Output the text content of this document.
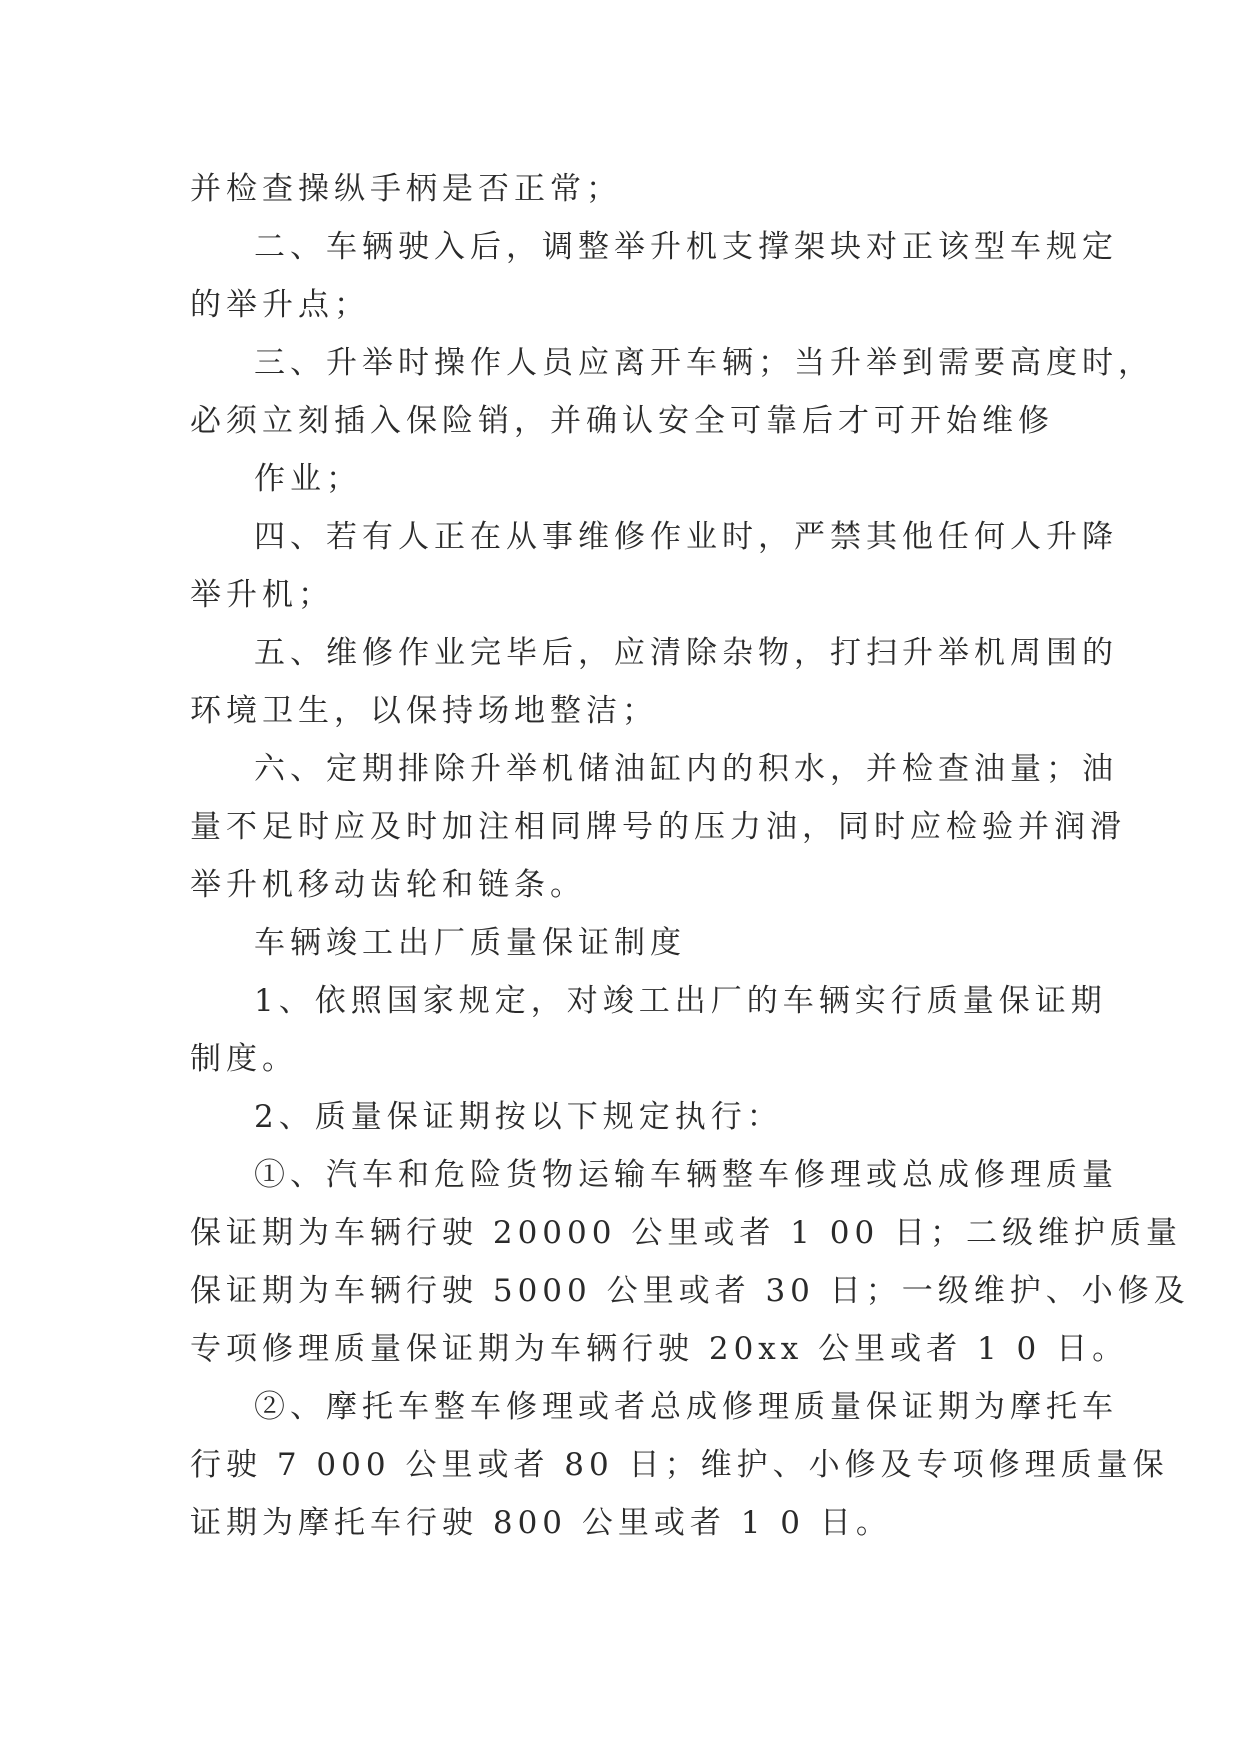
并检查操纵手柄是否正常；
二、车辆驶入后，调整举升机支撑架块对正该型车规定
的举升点；
三、升举时操作人员应离开车辆；当升举到需要高度时，
必须立刻插入保险销，并确认安全可靠后才可开始维修
作业；
四、若有人正在从事维修作业时，严禁其他任何人升降
举升机；
五、维修作业完毕后，应清除杂物，打扫升举机周围的
环境卫生，以保持场地整洁；
六、定期排除升举机储油缸内的积水，并检查油量；油
量不足时应及时加注相同牌号的压力油，同时应检验并润滑
举升机移动齿轮和链条。
车辆竣工出厂质量保证制度
1、依照国家规定，对竣工出厂的车辆实行质量保证期
制度。
2、质量保证期按以下规定执行：
①、汽车和危险货物运输车辆整车修理或总成修理质量
保证期为车辆行驶 20000 公里或者 1 00 日；二级维护质量
保证期为车辆行驶 5000 公里或者 30 日；一级维护、小修及
专项修理质量保证期为车辆行驶 20xx 公里或者 1 0 日。
②、摩托车整车修理或者总成修理质量保证期为摩托车
行驶 7 000 公里或者 80 日；维护、小修及专项修理质量保
证期为摩托车行驶 800 公里或者 1 0 日。
